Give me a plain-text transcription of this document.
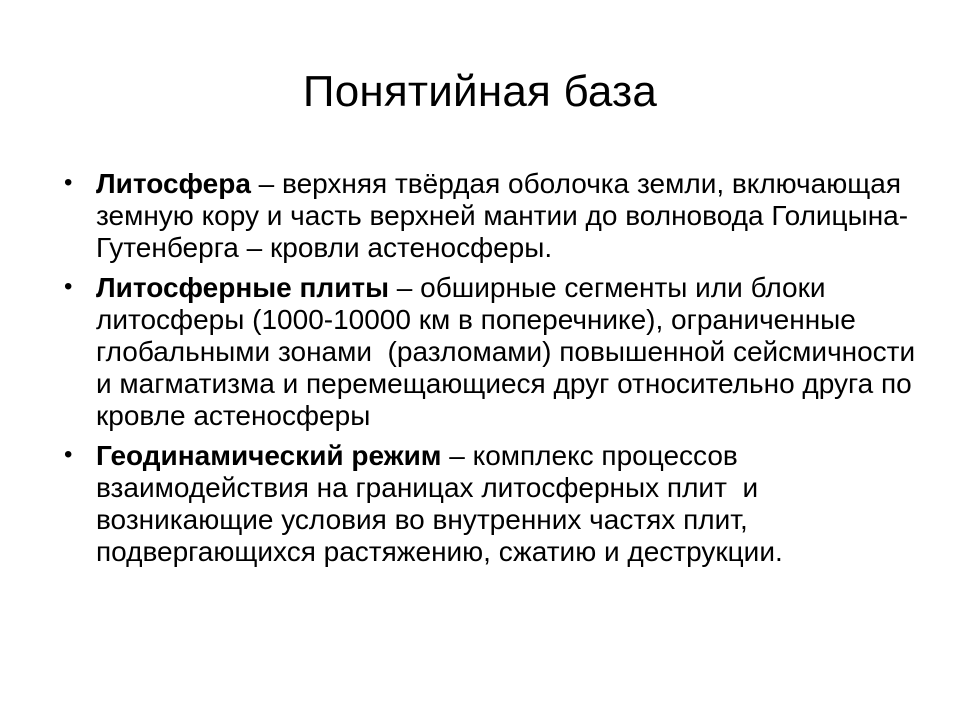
Понятийная база
• Литосфера – верхняя твёрдая оболочка земли, включающая земную кору и часть верхней мантии до волновода Голицына-Гутенберга – кровли астеносферы.
• Литосферные плиты – обширные сегменты или блоки литосферы (1000-10000 км в поперечнике), ограниченные глобальными зонами  (разломами) повышенной сейсмичности и магматизма и перемещающиеся друг относительно друга по кровле астеносферы
• Геодинамический режим – комплекс процессов взаимодействия на границах литосферных плит  и возникающие условия во внутренних частях плит, подвергающихся растяжению, сжатию и деструкции.
